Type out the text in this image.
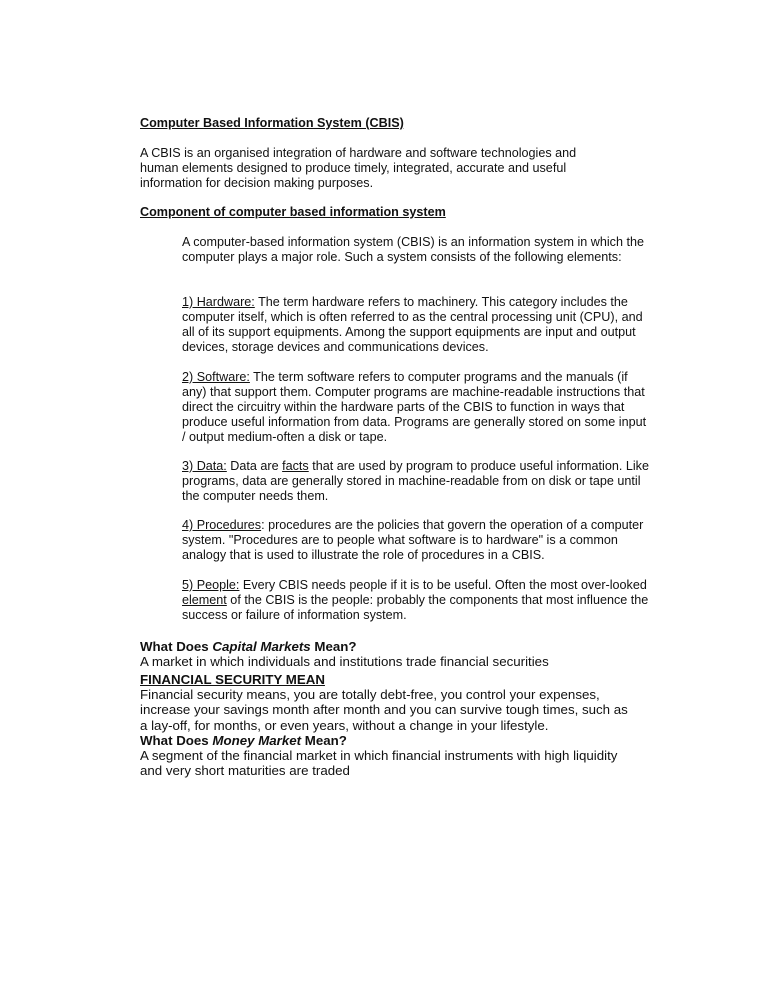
Computer Based Information System (CBIS)

A CBIS is an organised integration of hardware and software technologies and human elements designed to produce timely, integrated, accurate and useful information for decision making purposes.

Component of computer based information system

A computer-based information system (CBIS) is an information system in which the computer plays a major role. Such a system consists of the following elements:

1) Hardware: The term hardware refers to machinery. This category includes the computer itself, which is often referred to as the central processing unit (CPU), and all of its support equipments. Among the support equipments are input and output devices, storage devices and communications devices.

2) Software: The term software refers to computer programs and the manuals (if any) that support them. Computer programs are machine-readable instructions that direct the circuitry within the hardware parts of the CBIS to function in ways that produce useful information from data. Programs are generally stored on some input / output medium-often a disk or tape.

3) Data: Data are facts that are used by program to produce useful information. Like programs, data are generally stored in machine-readable from on disk or tape until the computer needs them.

4) Procedures: procedures are the policies that govern the operation of a computer system. "Procedures are to people what software is to hardware" is a common analogy that is used to illustrate the role of procedures in a CBIS.

5) People: Every CBIS needs people if it is to be useful. Often the most over-looked element of the CBIS is the people: probably the components that most influence the success or failure of information system.

What Does Capital Markets Mean?

A market in which individuals and institutions trade financial securities

FINANCIAL SECURITY MEAN

Financial security means, you are totally debt-free, you control your expenses, increase your savings month after month and you can survive tough times, such as a lay-off, for months, or even years, without a change in your lifestyle.

What Does Money Market Mean?

A segment of the financial market in which financial instruments with high liquidity and very short maturities are traded
